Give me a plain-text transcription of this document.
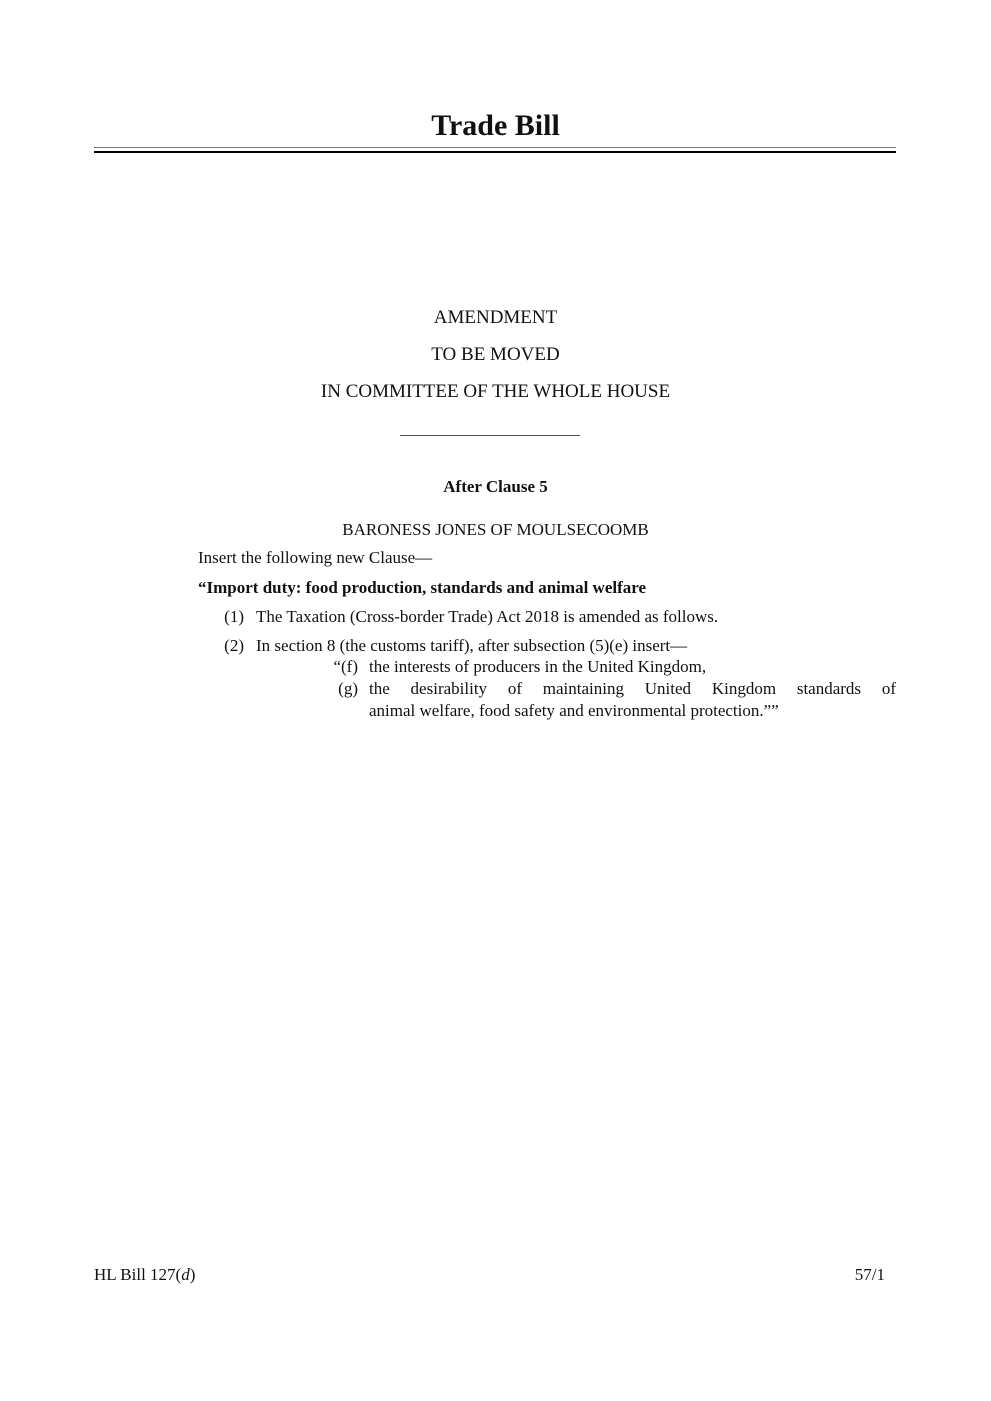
Trade Bill
AMENDMENT
TO BE MOVED
IN COMMITTEE OF THE WHOLE HOUSE
After Clause 5
BARONESS JONES OF MOULSECOOMB
Insert the following new Clause—
“Import duty: food production, standards and animal welfare
(1) The Taxation (Cross-border Trade) Act 2018 is amended as follows.
(2) In section 8 (the customs tariff), after subsection (5)(e) insert—
“(f) the interests of producers in the United Kingdom,
(g) the desirability of maintaining United Kingdom standards of
animal welfare, food safety and environmental protection.””
HL Bill 127(d)	57/1
